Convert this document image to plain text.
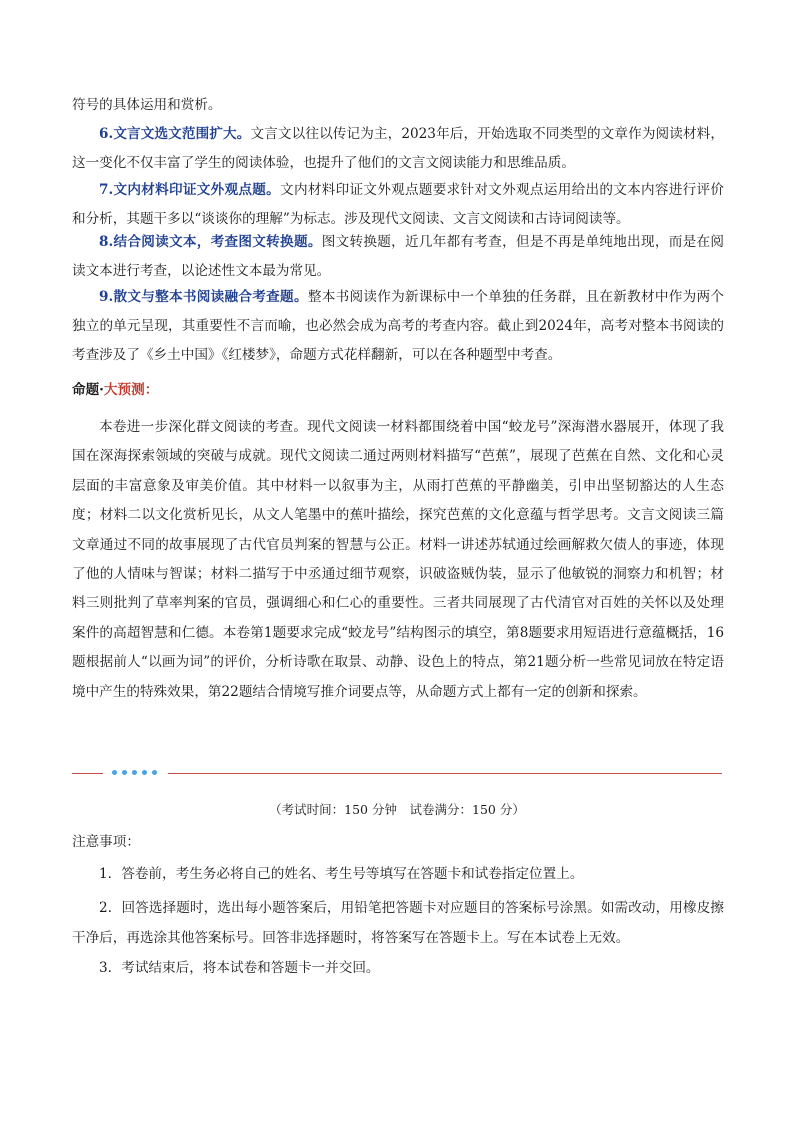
符号的具体运用和赏析。

6.文言文选文范围扩大。文言文以往以传记为主，2023年后，开始选取不同类型的文章作为阅读材料，这一变化不仅丰富了学生的阅读体验，也提升了他们的文言文阅读能力和思维品质。

7.文内材料印证文外观点题。文内材料印证文外观点题要求针对文外观点运用给出的文本内容进行评价和分析，其题干多以“谈谈你的理解”为标志。涉及现代文阅读、文言文阅读和古诗词阅读等。

8.结合阅读文本，考查图文转换题。图文转换题，近几年都有考查，但是不再是单纯地出现，而是在阅读文本进行考查，以论述性文本最为常见。

9.散文与整本书阅读融合考查题。整本书阅读作为新课标中一个单独的任务群，且在新教材中作为两个独立的单元呈现，其重要性不言而喻，也必然会成为高考的考查内容。截止到2024年，高考对整本书阅读的考查涉及了《乡土中国》《红楼梦》，命题方式花样翻新，可以在各种题型中考查。

命题·大预测：

本卷进一步深化群文阅读的考查。现代文阅读一材料都围绕着中国“蛟龙号”深海潜水器展开，体现了我国在深海探索领域的突破与成就。现代文阅读二通过两则材料描写“芭蕉”，展现了芭蕉在自然、文化和心灵层面的丰富意象及审美价值。其中材料一以叙事为主，从雨打芭蕉的平静幽美，引申出坚韧豁达的人生态度；材料二以文化赏析见长，从文人笔墨中的蕉叶描绘，探究芭蕉的文化意蕴与哲学思考。文言文阅读三篇文章通过不同的故事展现了古代官员判案的智慧与公正。材料一讲述苏轼通过绘画解救欠债人的事迹，体现了他的人情味与智谋；材料二描写于中丞通过细节观察，识破盗贼伪装，显示了他敏锐的洞察力和机智；材料三则批判了草率判案的官员，强调细心和仁心的重要性。三者共同展现了古代清官对百姓的关怀以及处理案件的高超智慧和仁德。本卷第1题要求完成“蛟龙号”结构图示的填空，第8题要求用短语进行意蕴概括，16题根据前人“以画为词”的评价，分析诗歌在取景、动静、设色上的特点，第21题分析一些常见词放在特定语境中产生的特殊效果，第22题结合情境写推介词要点等，从命题方式上都有一定的创新和探索。

（考试时间：150 分钟　试卷满分：150 分）
注意事项：

1．答卷前，考生务必将自己的姓名、考生号等填写在答题卡和试卷指定位置上。

2．回答选择题时，选出每小题答案后，用铅笔把答题卡对应题目的答案标号涂黑。如需改动，用橡皮擦干净后，再选涂其他答案标号。回答非选择题时，将答案写在答题卡上。写在本试卷上无效。

3．考试结束后，将本试卷和答题卡一并交回。
